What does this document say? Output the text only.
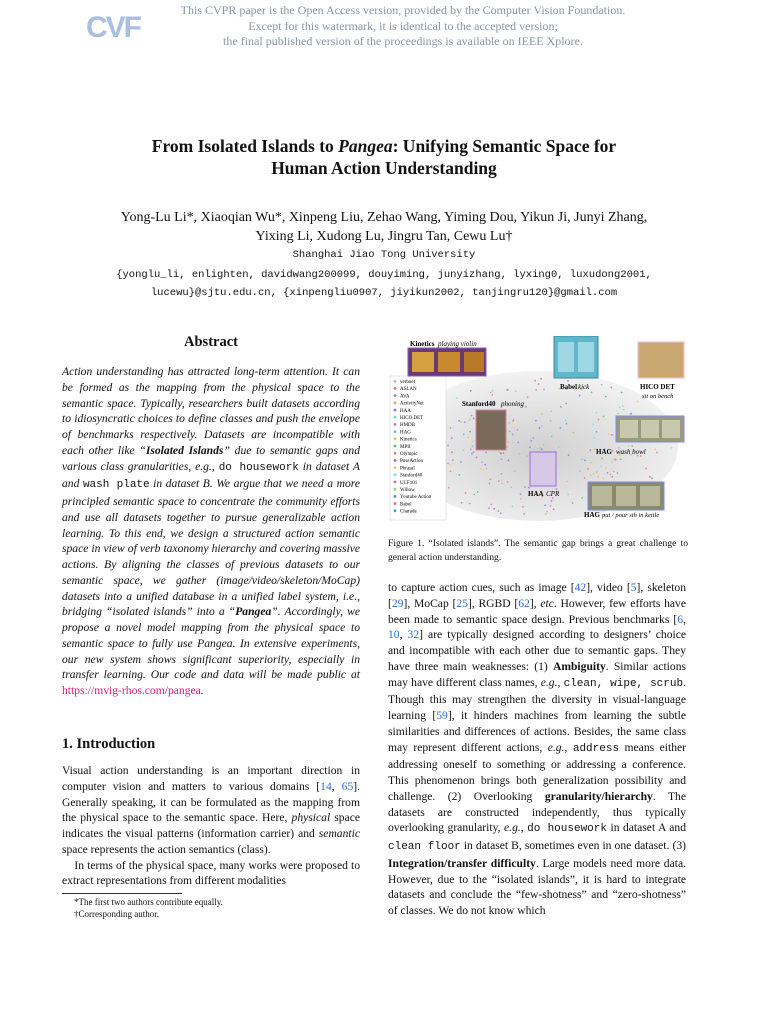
CVF
This CVPR paper is the Open Access version, provided by the Computer Vision Foundation.
Except for this watermark, it is identical to the accepted version;
the final published version of the proceedings is available on IEEE Xplore.
From Isolated Islands to Pangea: Unifying Semantic Space for
Human Action Understanding
Yong-Lu Li*, Xiaoqian Wu*, Xinpeng Liu, Zehao Wang, Yiming Dou, Yikun Ji, Junyi Zhang,
Yixing Li, Xudong Lu, Jingru Tan, Cewu Lu†
Shanghai Jiao Tong University
{yonglu_li, enlighten, davidwang200099, douyiming, junyizhang, lyxing0, luxudong2001,
lucewu}@sjtu.edu.cn, {xinpengliu0907, jiyikun2002, tanjingru120}@gmail.com
Abstract
Action understanding has attracted long-term attention. It can be formed as the mapping from the physical space to the semantic space. Typically, researchers built datasets according to idiosyncratic choices to define classes and push the envelope of benchmarks respectively. Datasets are incompatible with each other like “Isolated Islands” due to semantic gaps and various class granularities, e.g., do housework in dataset A and wash plate in dataset B. We argue that we need a more principled semantic space to concentrate the community efforts and use all datasets together to pursue generalizable action learning. To this end, we design a structured action semantic space in view of verb taxonomy hierarchy and covering massive actions. By aligning the classes of previous datasets to our semantic space, we gather (image/video/skeleton/MoCap) datasets into a unified database in a unified label system, i.e., bridging “isolated islands” into a “Pangea”. Accordingly, we propose a novel model mapping from the physical space to semantic space to fully use Pangea. In extensive experiments, our new system shows significant superiority, especially in transfer learning. Our code and data will be made public at https://mvig-rhos.com/pangea.
1. Introduction
Visual action understanding is an important direction in computer vision and matters to various domains [14, 65]. Generally speaking, it can be formulated as the mapping from the physical space to the semantic space. Here, physical space indicates the visual patterns (information carrier) and semantic space represents the action semantics (class).
In terms of the physical space, many works were proposed to extract representations from different modalities
*The first two authors contribute equally.
†Corresponding author.
verbnet
ASLAN
AVA
ActivityNet
HAA
HICO DET
HMDB
HAG
Kinetics
MPII
Olympic
PoseAction
Phrasal
Stanford40
UCF101
Willow
Youtube Action
Babel
Charade
Kinetics playing violin
Babel kick	HICO DET
sit on bench
Stanford40 phoning
HAG wash bowl
HAA CPR
HAG put / pour sth in kettle
Figure 1. “Isolated islands”. The semantic gap brings a great challenge to general action understanding.
to capture action cues, such as image [42], video [5], skeleton [29], MoCap [25], RGBD [62], etc. However, few efforts have been made to semantic space design. Previous benchmarks [6, 10, 32] are typically designed according to designers’ choice and incompatible with each other due to semantic gaps. They have three main weaknesses: (1) Ambiguity. Similar actions may have different class names, e.g., clean, wipe, scrub. Though this may strengthen the diversity in visual-language learning [59], it hinders machines from learning the subtle similarities and differences of actions. Besides, the same class may represent different actions, e.g., address means either addressing oneself to something or addressing a conference. This phenomenon brings both generalization possibility and challenge. (2) Overlooking granularity/hierarchy. The datasets are constructed independently, thus typically overlooking granularity, e.g., do housework in dataset A and clean floor in dataset B, sometimes even in one dataset. (3) Integration/transfer difficulty. Large models need more data. However, due to the “isolated islands”, it is hard to integrate datasets and conclude the “few-shotness” and “zero-shotness” of classes. We do not know which
